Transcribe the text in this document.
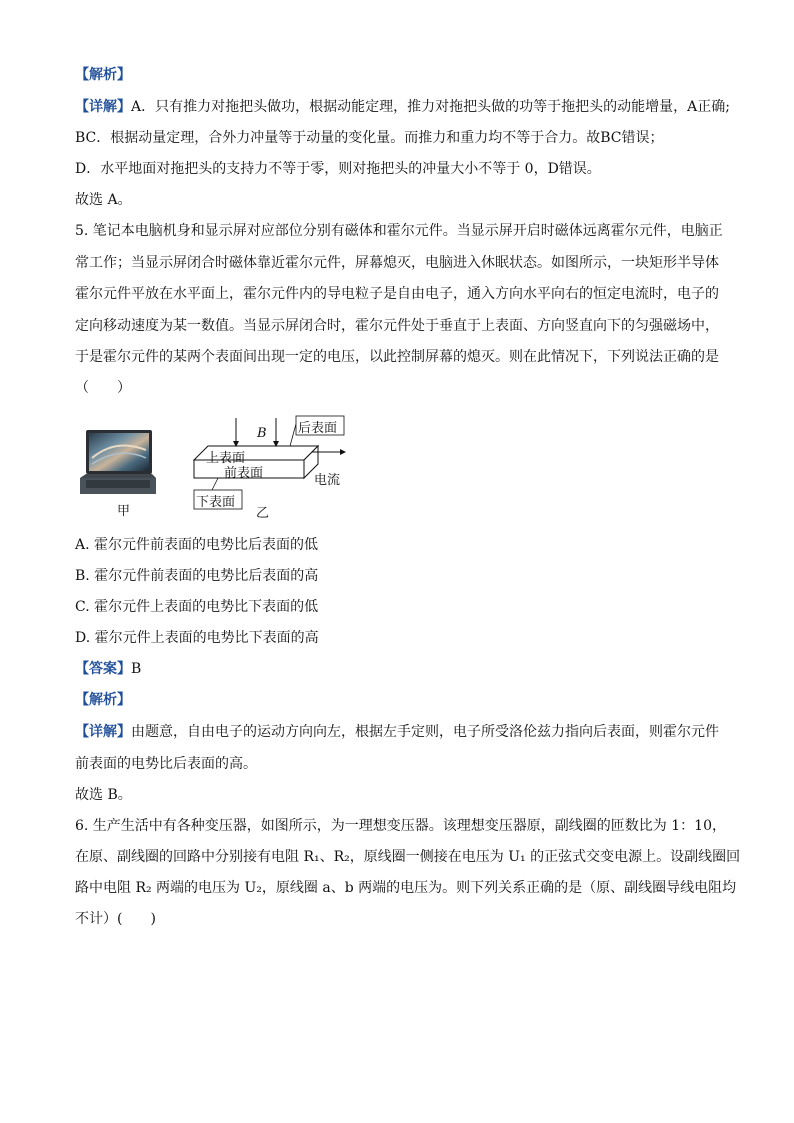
【解析】
【详解】A．只有推力对拖把头做功，根据动能定理，推力对拖把头做的功等于拖把头的动能增量，A正确;
BC．根据动量定理，合外力冲量等于动量的变化量。而推力和重力均不等于合力。故BC错误；
D．水平地面对拖把头的支持力不等于零，则对拖把头的冲量大小不等于 0，D错误。
故选 A。
5. 笔记本电脑机身和显示屏对应部位分别有磁体和霍尔元件。当显示屏开启时磁体远离霍尔元件，电脑正
常工作；当显示屏闭合时磁体靠近霍尔元件，屏幕熄灭，电脑进入休眠状态。如图所示，一块矩形半导体
霍尔元件平放在水平面上，霍尔元件内的导电粒子是自由电子，通入方向水平向右的恒定电流时，电子的
定向移动速度为某一数值。当显示屏闭合时，霍尔元件处于垂直于上表面、方向竖直向下的匀强磁场中，
于是霍尔元件的某两个表面间出现一定的电压，以此控制屏幕的熄灭。则在此情况下，下列说法正确的是
（　　）
甲
B 后表面
上表面
前表面
下表面
电流
乙
A. 霍尔元件前表面的电势比后表面的低
B. 霍尔元件前表面的电势比后表面的高
C. 霍尔元件上表面的电势比下表面的低
D. 霍尔元件上表面的电势比下表面的高
【答案】B
【解析】
【详解】由题意，自由电子的运动方向向左，根据左手定则，电子所受洛伦兹力指向后表面，则霍尔元件
前表面的电势比后表面的高。
故选 B。
6. 生产生活中有各种变压器，如图所示，为一理想变压器。该理想变压器原，副线圈的匝数比为 1：10，
在原、副线圈的回路中分别接有电阻 R₁、R₂，原线圈一侧接在电压为 U₁ 的正弦式交变电源上。设副线圈回
路中电阻 R₂ 两端的电压为 U₂，原线圈 a、b 两端的电压为。则下列关系正确的是（原、副线圈导线电阻均
不计）(　　)
